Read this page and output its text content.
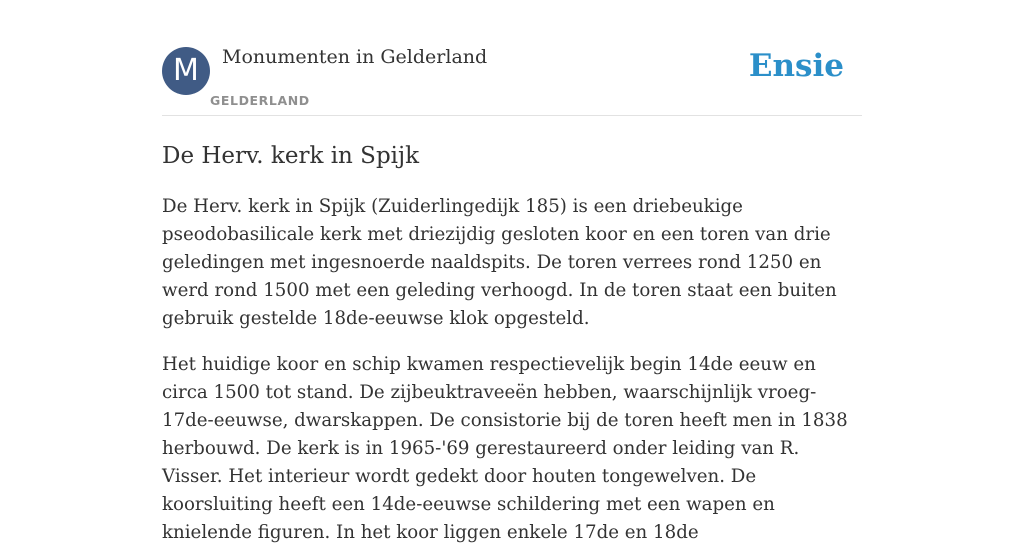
M	Monumenten in Gelderland
GELDERLAND
Ensie
De Herv. kerk in Spijk

De Herv. kerk in Spijk (Zuiderlingedijk 185) is een driebeukige pseodobasilicale kerk met driezijdig gesloten koor en een toren van drie geledingen met ingesnoerde naaldspits. De toren verrees rond 1250 en werd rond 1500 met een geleding verhoogd. In de toren staat een buiten gebruik gestelde 18de-eeuwse klok opgesteld.

Het huidige koor en schip kwamen respectievelijk begin 14de eeuw en circa 1500 tot stand. De zijbeuktraveeën hebben, waarschijnlijk vroeg-17de-eeuwse, dwarskappen. De consistorie bij de toren heeft men in 1838 herbouwd. De kerk is in 1965-'69 gerestaureerd onder leiding van R. Visser. Het interieur wordt gedekt door houten tongewelven. De koorsluiting heeft een 14de-eeuwse schildering met een wapen en knielende figuren. In het koor liggen enkele 17de en 18de
